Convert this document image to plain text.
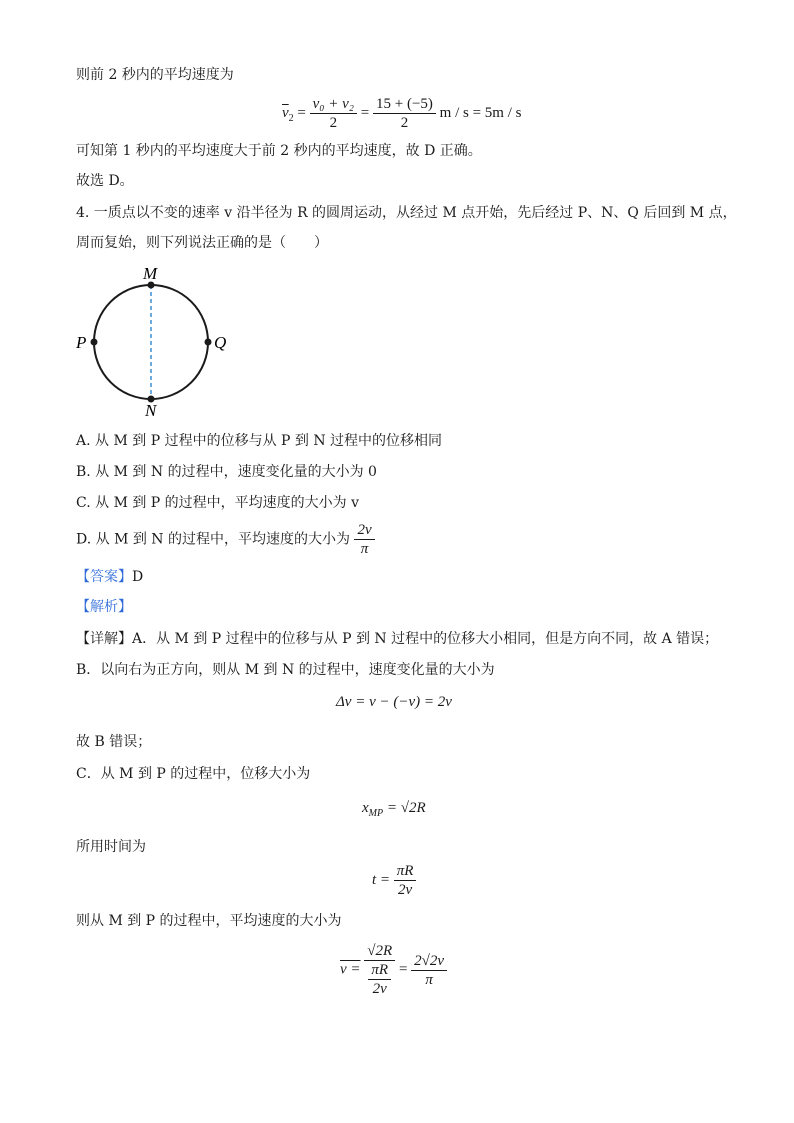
则前 2 秒内的平均速度为
$\overline{v}_2 = \frac{\text{v₀ + v₂}}{2} = \frac{15 + (-5)}{2}$ m / s = 5m / s
可知第 1 秒内的平均速度大于前 2 秒内的平均速度，故 D 正确。
故选 D。
4. 一质点以不变的速率 v 沿半径为 R 的圆周运动，从经过 M 点开始，先后经过 P、N、Q 后回到 M 点，
周而复始，则下列说法正确的是（　　）
M
N
P	Q
A. 从 M 到 P 过程中的位移与从 P 到 N 过程中的位移相同
B. 从 M 到 N 的过程中，速度变化量的大小为 0
C. 从 M 到 P 的过程中，平均速度的大小为 v
D. 从 M 到 N 的过程中，平均速度的大小为 $\frac{2v}{\pi}$
【答案】D
【解析】
【详解】A．从 M 到 P 过程中的位移与从 P 到 N 过程中的位移大小相同，但是方向不同，故 A 错误；
B．以向右为正方向，则从 M 到 N 的过程中，速度变化量的大小为
Δv = v − (−v) = 2v
故 B 错误；
C．从 M 到 P 的过程中，位移大小为
$x_{MP} = √2R$
所用时间为
$t = \frac{\pi R}{2v}$
则从 M 到 P 的过程中，平均速度的大小为
$v = \frac{√2R}{\frac{\pi R}{2v}} = \frac{2√2v}{\pi}$
